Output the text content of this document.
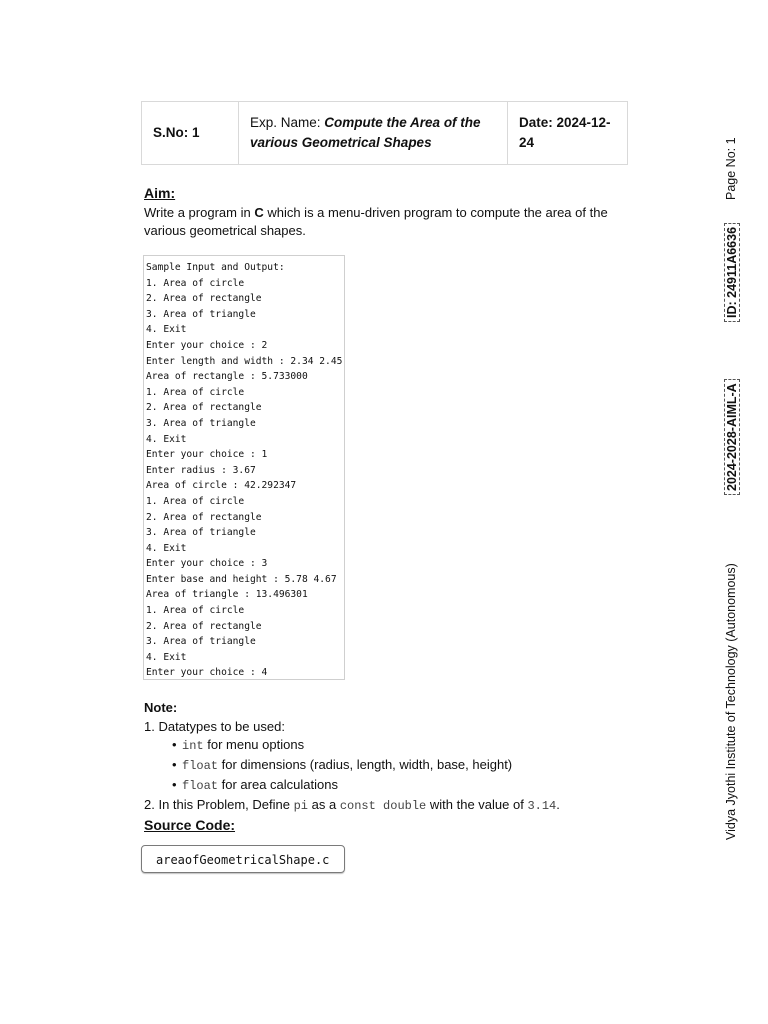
S.No: 1	Exp. Name: Compute the Area of the various Geometrical Shapes	Date: 2024-12-24
Aim:
Write a program in C which is a menu-driven program to compute the area of the various geometrical shapes.
Sample Input and Output:
1. Area of circle
2. Area of rectangle
3. Area of triangle
4. Exit
Enter your choice : 2
Enter length and width : 2.34 2.45
Area of rectangle : 5.733000
1. Area of circle
2. Area of rectangle
3. Area of triangle
4. Exit
Enter your choice : 1
Enter radius : 3.67
Area of circle : 42.292347
1. Area of circle
2. Area of rectangle
3. Area of triangle
4. Exit
Enter your choice : 3
Enter base and height : 5.78 4.67
Area of triangle : 13.496301
1. Area of circle
2. Area of rectangle
3. Area of triangle
4. Exit
Enter your choice : 4
Note:
1. Datatypes to be used:
• int for menu options
• float for dimensions (radius, length, width, base, height)
• float for area calculations
2. In this Problem, Define pi as a const double with the value of 3.14.
Source Code:
areaofGeometricalShape.c
Vidya Jyothi Institute of Technology (Autonomous)
2024-2028-AIML-A
ID: 24911A6636
Page No: 1
